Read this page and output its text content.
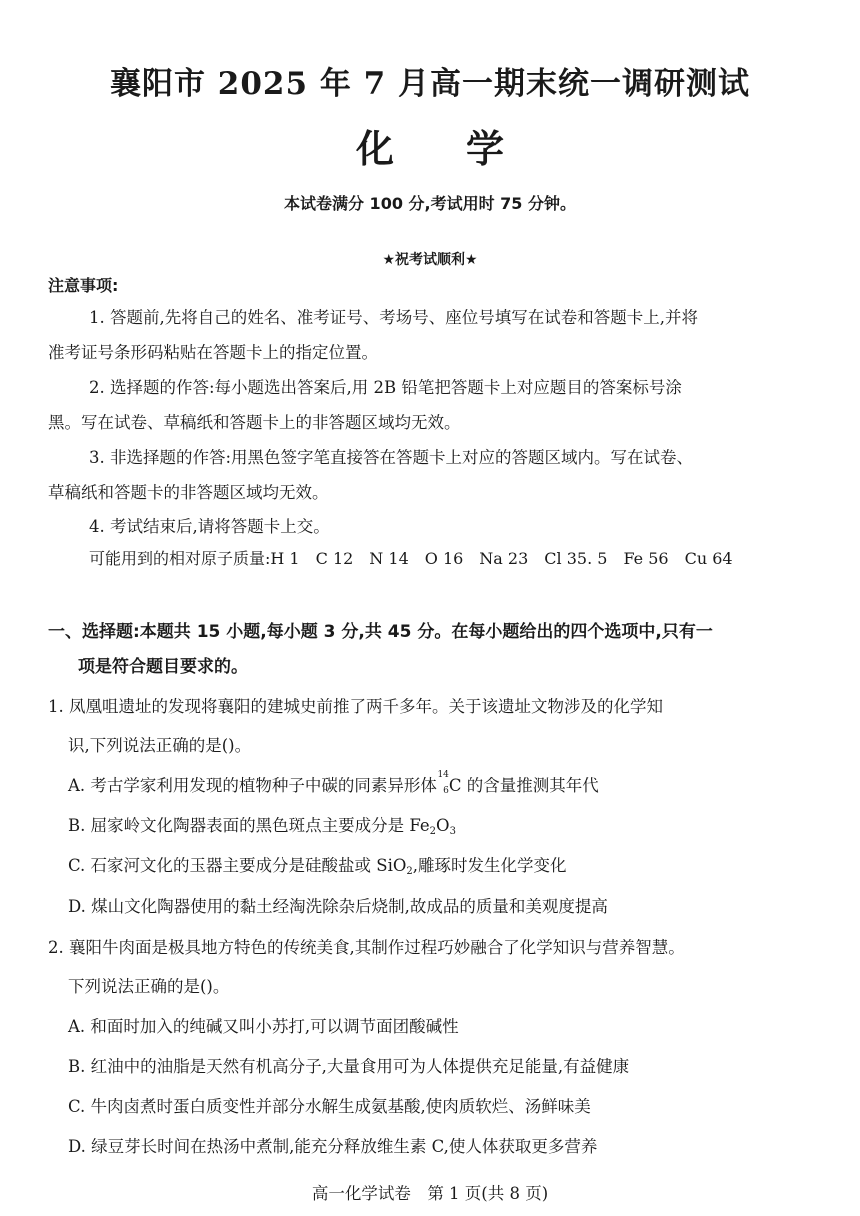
襄阳市 2025 年 7 月高一期末统一调研测试
化学
本试卷满分 100 分,考试用时 75 分钟。
★祝考试顺利★
注意事项:
1. 答题前,先将自己的姓名、准考证号、考场号、座位号填写在试卷和答题卡上,并将
准考证号条形码粘贴在答题卡上的指定位置。
2. 选择题的作答:每小题选出答案后,用 2B 铅笔把答题卡上对应题目的答案标号涂
黑。写在试卷、草稿纸和答题卡上的非答题区域均无效。
3. 非选择题的作答:用黑色签字笔直接答在答题卡上对应的答题区域内。写在试卷、
草稿纸和答题卡的非答题区域均无效。
4. 考试结束后,请将答题卡上交。
可能用到的相对原子质量:H 1　C 12　N 14　O 16　Na 23　Cl 35. 5　Fe 56　Cu 64
一、选择题:本题共 15 小题,每小题 3 分,共 45 分。在每小题给出的四个选项中,只有一
项是符合题目要求的。
1. 凤凰咀遗址的发现将襄阳的建城史前推了两千多年。关于该遗址文物涉及的化学知
识,下列说法正确的是()。
A. 考古学家利用发现的植物种子中碳的同素异形体
14
6 C 的含量推测其年代
B. 屈家岭文化陶器表面的黑色斑点主要成分是 Fe2O3
C. 石家河文化的玉器主要成分是硅酸盐或 SiO2,雕琢时发生化学变化
D. 煤山文化陶器使用的黏土经淘洗除杂后烧制,故成品的质量和美观度提高
2. 襄阳牛肉面是极具地方特色的传统美食,其制作过程巧妙融合了化学知识与营养智慧。
下列说法正确的是()。
A. 和面时加入的纯碱又叫小苏打,可以调节面团酸碱性
B. 红油中的油脂是天然有机高分子,大量食用可为人体提供充足能量,有益健康
C. 牛肉卤煮时蛋白质变性并部分水解生成氨基酸,使肉质软烂、汤鲜味美
D. 绿豆芽长时间在热汤中煮制,能充分释放维生素 C,使人体获取更多营养
高一化学试卷　第 1 页(共 8 页)
